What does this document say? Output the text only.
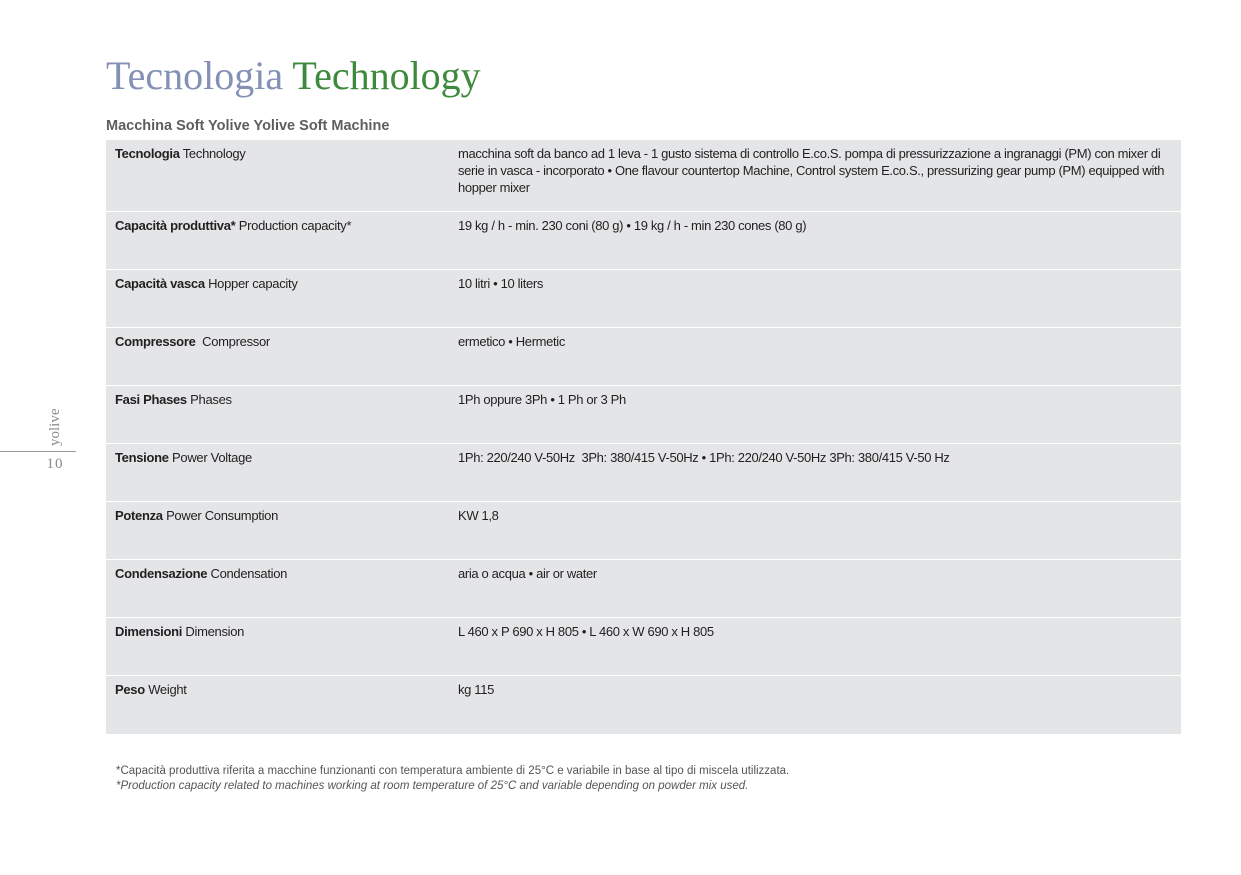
Tecnologia Technology
Macchina Soft Yolive Yolive Soft Machine
yolive
10
Tecnologia Technology	macchina soft da banco ad 1 leva - 1 gusto sistema di controllo E.co.S. pompa di pressurizzazione a ingranaggi (PM) con mixer di serie in vasca - incorporato • One flavour countertop Machine, Control system E.co.S., pressurizing gear pump (PM) equipped with hopper mixer
Capacità produttiva* Production capacity*	19 kg / h - min. 230 coni (80 g) • 19 kg / h - min 230 cones (80 g)
Capacità vasca Hopper capacity	10 litri • 10 liters
Compressore  Compressor	ermetico • Hermetic
Fasi Phases Phases	1Ph oppure 3Ph • 1 Ph or 3 Ph
Tensione Power Voltage	1Ph: 220/240 V-50Hz  3Ph: 380/415 V-50Hz • 1Ph: 220/240 V-50Hz 3Ph: 380/415 V-50 Hz
Potenza Power Consumption	KW 1,8
Condensazione Condensation	aria o acqua • air or water
Dimensioni Dimension	L 460 x P 690 x H 805 • L 460 x W 690 x H 805
Peso Weight	kg 115
*Capacità produttiva riferita a macchine funzionanti con temperatura ambiente di 25°C e variabile in base al tipo di miscela utilizzata.
*Production capacity related to machines working at room temperature of 25°C and variable depending on powder mix used.
